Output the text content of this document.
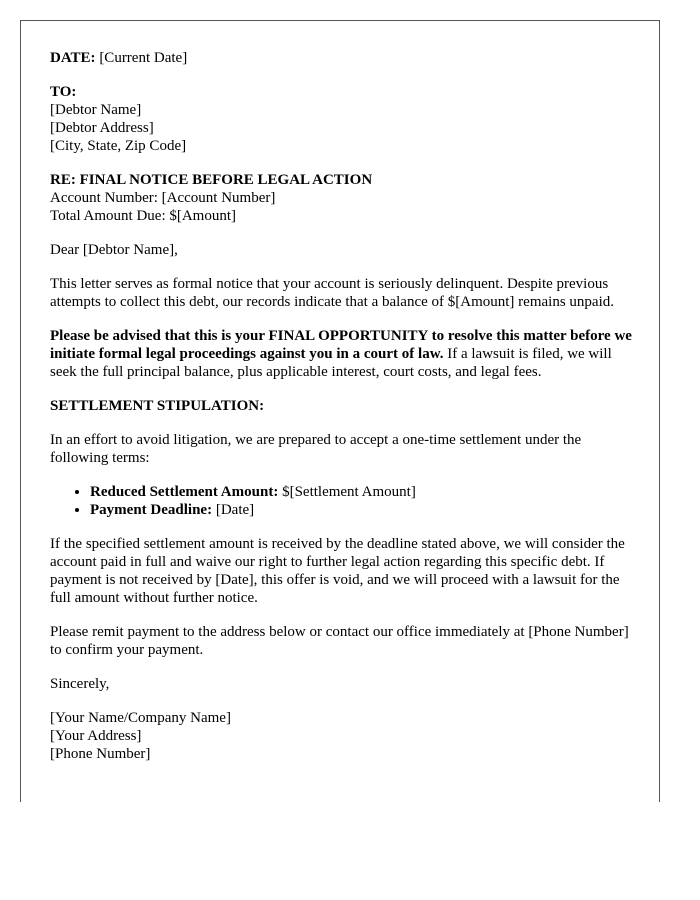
DATE: [Current Date]

TO:
[Debtor Name]
[Debtor Address]
[City, State, Zip Code]

RE: FINAL NOTICE BEFORE LEGAL ACTION
Account Number: [Account Number]
Total Amount Due: $[Amount]

Dear [Debtor Name],

This letter serves as formal notice that your account is seriously delinquent. Despite previous attempts to collect this debt, our records indicate that a balance of $[Amount] remains unpaid.

Please be advised that this is your FINAL OPPORTUNITY to resolve this matter before we initiate formal legal proceedings against you in a court of law. If a lawsuit is filed, we will seek the full principal balance, plus applicable interest, court costs, and legal fees.

SETTLEMENT STIPULATION:

In an effort to avoid litigation, we are prepared to accept a one-time settlement under the following terms:

• Reduced Settlement Amount: $[Settlement Amount]
• Payment Deadline: [Date]

If the specified settlement amount is received by the deadline stated above, we will consider the account paid in full and waive our right to further legal action regarding this specific debt. If payment is not received by [Date], this offer is void, and we will proceed with a lawsuit for the full amount without further notice.

Please remit payment to the address below or contact our office immediately at [Phone Number] to confirm your payment.

Sincerely,

[Your Name/Company Name]
[Your Address]
[Phone Number]
